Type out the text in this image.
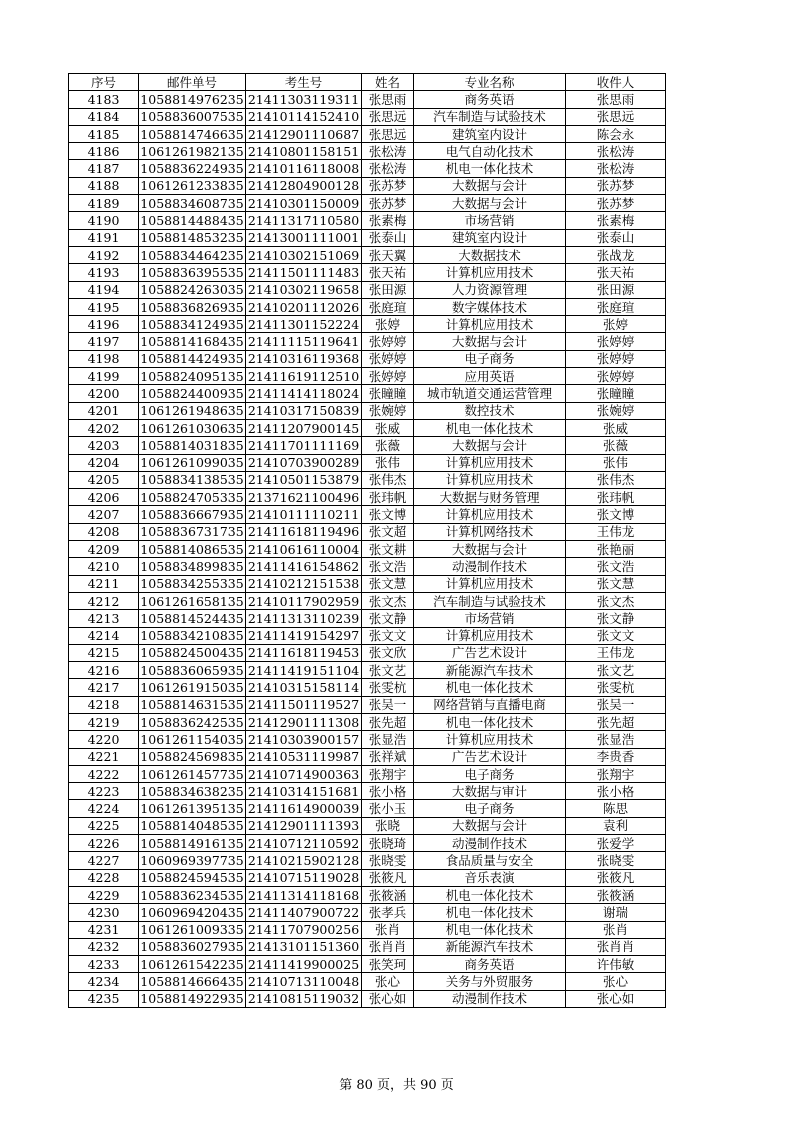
序号	邮件单号	考生号	姓名	专业名称	收件人
4183	1058814976235	21411303119311	张思雨	商务英语	张思雨
4184	1058836007535	21410114152410	张思远	汽车制造与试验技术	张思远
4185	1058814746635	21412901110687	张思远	建筑室内设计	陈会永
4186	1061261982135	21410801158151	张松涛	电气自动化技术	张松涛
4187	1058836224935	21410116118008	张松涛	机电一体化技术	张松涛
4188	1061261233835	21412804900128	张苏梦	大数据与会计	张苏梦
4189	1058834608735	21410301150009	张苏梦	大数据与会计	张苏梦
4190	1058814488435	21411317110580	张素梅	市场营销	张素梅
4191	1058814853235	21413001111001	张泰山	建筑室内设计	张泰山
4192	1058834464235	21410302151069	张天翼	大数据技术	张战龙
4193	1058836395535	21411501111483	张天祐	计算机应用技术	张天祐
4194	1058824263035	21410302119658	张田源	人力资源管理	张田源
4195	1058836826935	21410201112026	张庭瑄	数字媒体技术	张庭瑄
4196	1058834124935	21411301152224	张婷	计算机应用技术	张婷
4197	1058814168435	21411115119641	张婷婷	大数据与会计	张婷婷
4198	1058814424935	21410316119368	张婷婷	电子商务	张婷婷
4199	1058824095135	21411619112510	张婷婷	应用英语	张婷婷
4200	1058824400935	21411414118024	张瞳瞳	城市轨道交通运营管理	张瞳瞳
4201	1061261948635	21410317150839	张婉婷	数控技术	张婉婷
4202	1061261030635	21411207900145	张威	机电一体化技术	张威
4203	1058814031835	21411701111169	张薇	大数据与会计	张薇
4204	1061261099035	21410703900289	张伟	计算机应用技术	张伟
4205	1058834138535	21410501153879	张伟杰	计算机应用技术	张伟杰
4206	1058824705335	21371621100496	张玮帆	大数据与财务管理	张玮帆
4207	1058836667935	21410111110211	张文博	计算机应用技术	张文博
4208	1058836731735	21411618119496	张文超	计算机网络技术	王伟龙
4209	1058814086535	21410616110004	张文耕	大数据与会计	张艳丽
4210	1058834899835	21411416154862	张文浩	动漫制作技术	张文浩
4211	1058834255335	21410212151538	张文慧	计算机应用技术	张文慧
4212	1061261658135	21410117902959	张文杰	汽车制造与试验技术	张文杰
4213	1058814524435	21411313110239	张文静	市场营销	张文静
4214	1058834210835	21411419154297	张文文	计算机应用技术	张文文
4215	1058824500435	21411618119453	张文欣	广告艺术设计	王伟龙
4216	1058836065935	21411419151104	张文艺	新能源汽车技术	张文艺
4217	1061261915035	21410315158114	张雯杭	机电一体化技术	张雯杭
4218	1058814631535	21411501119527	张吴一	网络营销与直播电商	张吴一
4219	1058836242535	21412901111308	张先超	机电一体化技术	张先超
4220	1061261154035	21410303900157	张显浩	计算机应用技术	张显浩
4221	1058824569835	21410531119987	张祥斌	广告艺术设计	李贵香
4222	1061261457735	21410714900363	张翔宇	电子商务	张翔宇
4223	1058834638235	21410314151681	张小格	大数据与审计	张小格
4224	1061261395135	21411614900039	张小玉	电子商务	陈思
4225	1058814048535	21412901111393	张晓	大数据与会计	袁利
4226	1058814916135	21410712110592	张晓琦	动漫制作技术	张爱学
4227	1060969397735	21410215902128	张晓雯	食品质量与安全	张晓雯
4228	1058824594535	21410715119028	张筱凡	音乐表演	张筱凡
4229	1058836234535	21411314118168	张筱涵	机电一体化技术	张筱涵
4230	1060969420435	21411407900722	张孝兵	机电一体化技术	谢瑞
4231	1061261009335	21411707900256	张肖	机电一体化技术	张肖
4232	1058836027935	21413101151360	张肖肖	新能源汽车技术	张肖肖
4233	1061261542235	21411419900025	张笑珂	商务英语	许伟敏
4234	1058814666435	21410713110048	张心	关务与外贸服务	张心
4235	1058814922935	21410815119032	张心如	动漫制作技术	张心如
第 80 页，共 90 页
